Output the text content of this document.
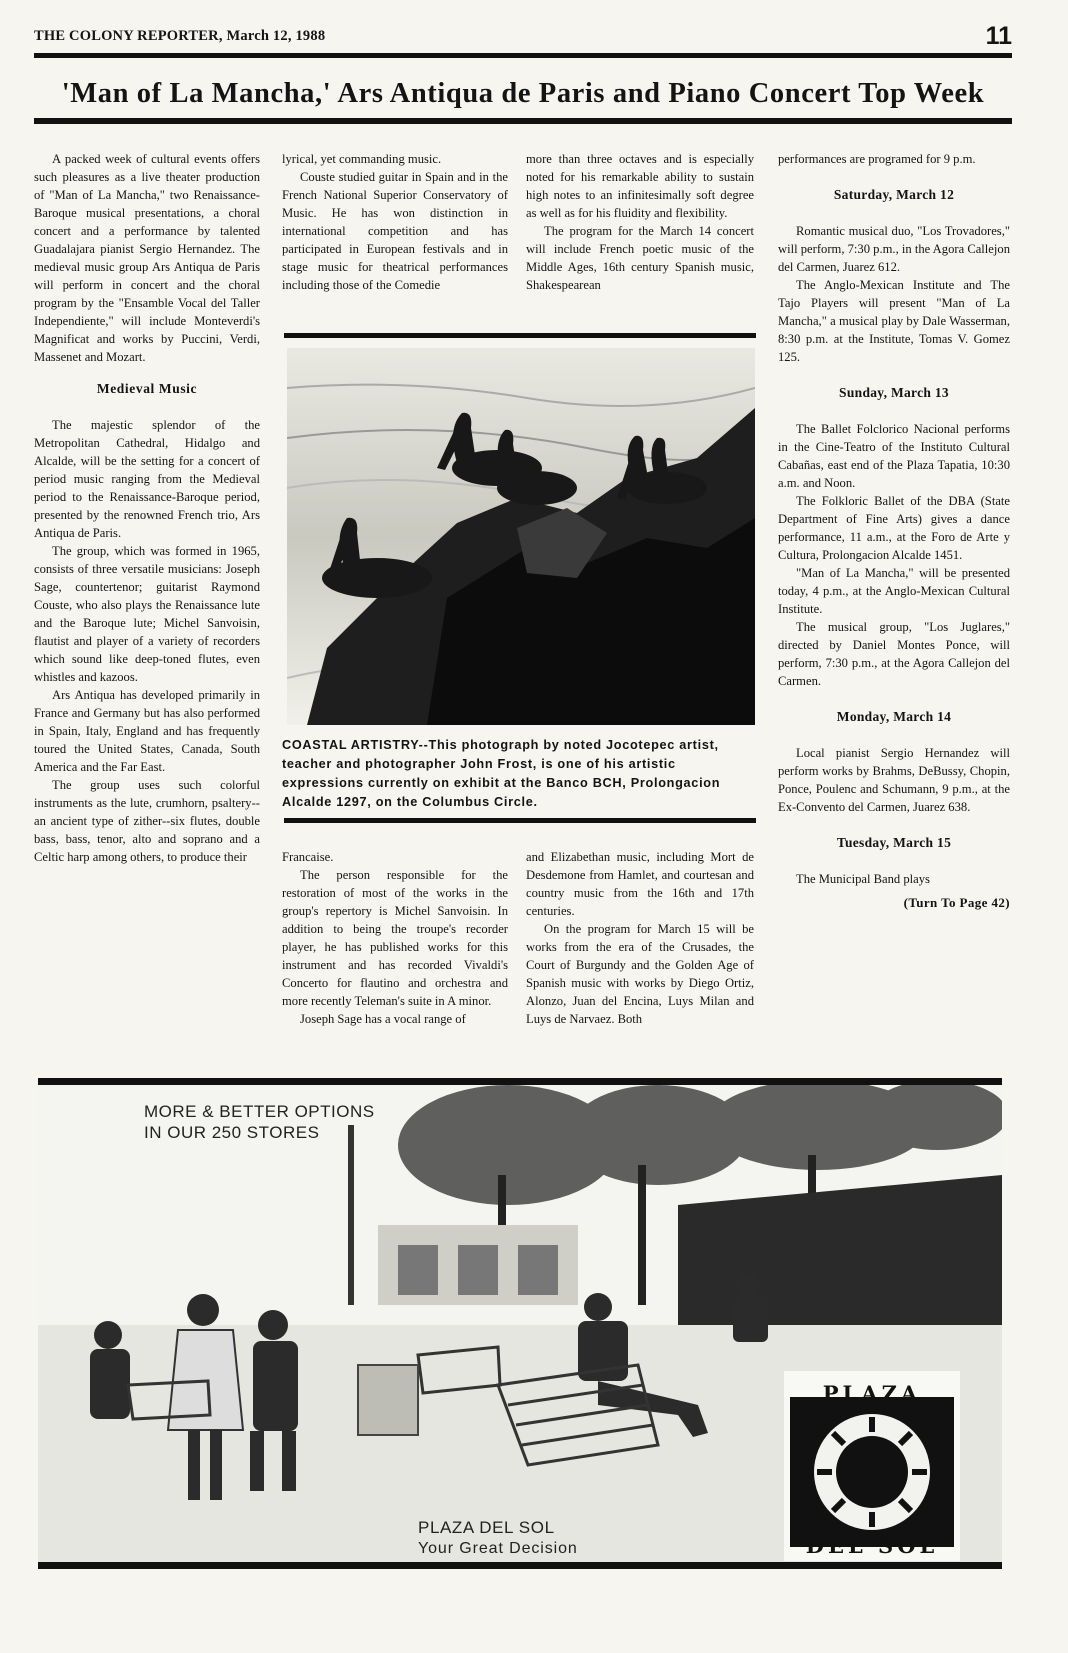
THE COLONY REPORTER, March 12, 1988	11
'Man of La Mancha,' Ars Antiqua de Paris and Piano Concert Top Week

A packed week of cultural events offers such pleasures as a live theater production of "Man of La Mancha," two Renaissance-Baroque musical presentations, a choral concert and a performance by talented Guadalajara pianist Sergio Hernandez. The medieval music group Ars Antiqua de Paris will perform in concert and the choral program by the "Ensamble Vocal del Taller Independiente," will include Monteverdi's Magnificat and works by Puccini, Verdi, Massenet and Mozart.

Medieval Music

The majestic splendor of the Metropolitan Cathedral, Hidalgo and Alcalde, will be the setting for a concert of period music ranging from the Medieval period to the Renaissance-Baroque period, presented by the renowned French trio, Ars Antiqua de Paris.

The group, which was formed in 1965, consists of three versatile musicians: Joseph Sage, countertenor; guitarist Raymond Couste, who also plays the Renaissance lute and the Baroque lute; Michel Sanvoisin, flautist and player of a variety of recorders which sound like deep-toned flutes, even whistles and kazoos.

Ars Antiqua has developed primarily in France and Germany but has also performed in Spain, Italy, England and has frequently toured the United States, Canada, South America and the Far East.

The group uses such colorful instruments as the lute, crumhorn, psaltery--an ancient type of zither--six flutes, double bass, bass, tenor, alto and soprano and a Celtic harp among others, to produce their

lyrical, yet commanding music.

Couste studied guitar in Spain and in the French National Superior Conservatory of Music. He has won distinction in international competition and has participated in European festivals and in stage music for theatrical performances including those of the Comedie

more than three octaves and is especially noted for his remarkable ability to sustain high notes to an infinitesimally soft degree as well as for his fluidity and flexibility.

The program for the March 14 concert will include French poetic music of the Middle Ages, 16th century Spanish music, Shakespearean

COASTAL ARTISTRY--This photograph by noted Jocotepec artist, teacher and photographer John Frost, is one of his artistic expressions currently on exhibit at the Banco BCH, Prolongacion Alcalde 1297, on the Columbus Circle.

Francaise.

The person responsible for the restoration of most of the works in the group's repertory is Michel Sanvoisin. In addition to being the troupe's recorder player, he has published works for this instrument and has recorded Vivaldi's Concerto for flautino and orchestra and more recently Teleman's suite in A minor.

Joseph Sage has a vocal range of

and Elizabethan music, including Mort de Desdemone from Hamlet, and courtesan and country music from the 16th and 17th centuries.

On the program for March 15 will be works from the era of the Crusades, the Court of Burgundy and the Golden Age of Spanish music with works by Diego Ortiz, Alonzo, Juan del Encina, Luys Milan and Luys de Narvaez. Both

performances are programed for 9 p.m.

Saturday, March 12

Romantic musical duo, "Los Trovadores," will perform, 7:30 p.m., in the Agora Callejon del Carmen, Juarez 612.

The Anglo-Mexican Institute and The Tajo Players will present "Man of La Mancha," a musical play by Dale Wasserman, 8:30 p.m. at the Institute, Tomas V. Gomez 125.

Sunday, March 13

The Ballet Folclorico Nacional performs in the Cine-Teatro of the Instituto Cultural Cabañas, east end of the Plaza Tapatia, 10:30 a.m. and Noon.

The Folkloric Ballet of the DBA (State Department of Fine Arts) gives a dance performance, 11 a.m., at the Foro de Arte y Cultura, Prolongacion Alcalde 1451.

"Man of La Mancha," will be presented today, 4 p.m., at the Anglo-Mexican Cultural Institute.

The musical group, "Los Juglares," directed by Daniel Montes Ponce, will perform, 7:30 p.m., at the Agora Callejon del Carmen.

Monday, March 14

Local pianist Sergio Hernandez will perform works by Brahms, DeBussy, Chopin, Ponce, Poulenc and Schumann, 9 p.m., at the Ex-Convento del Carmen, Juarez 638.

Tuesday, March 15

The Municipal Band plays

(Turn To Page 42)
MORE & BETTER OPTIONS
IN OUR 250 STORES
PLAZA DEL SOL
Your Great Decision
PLAZA
DEL SOL
